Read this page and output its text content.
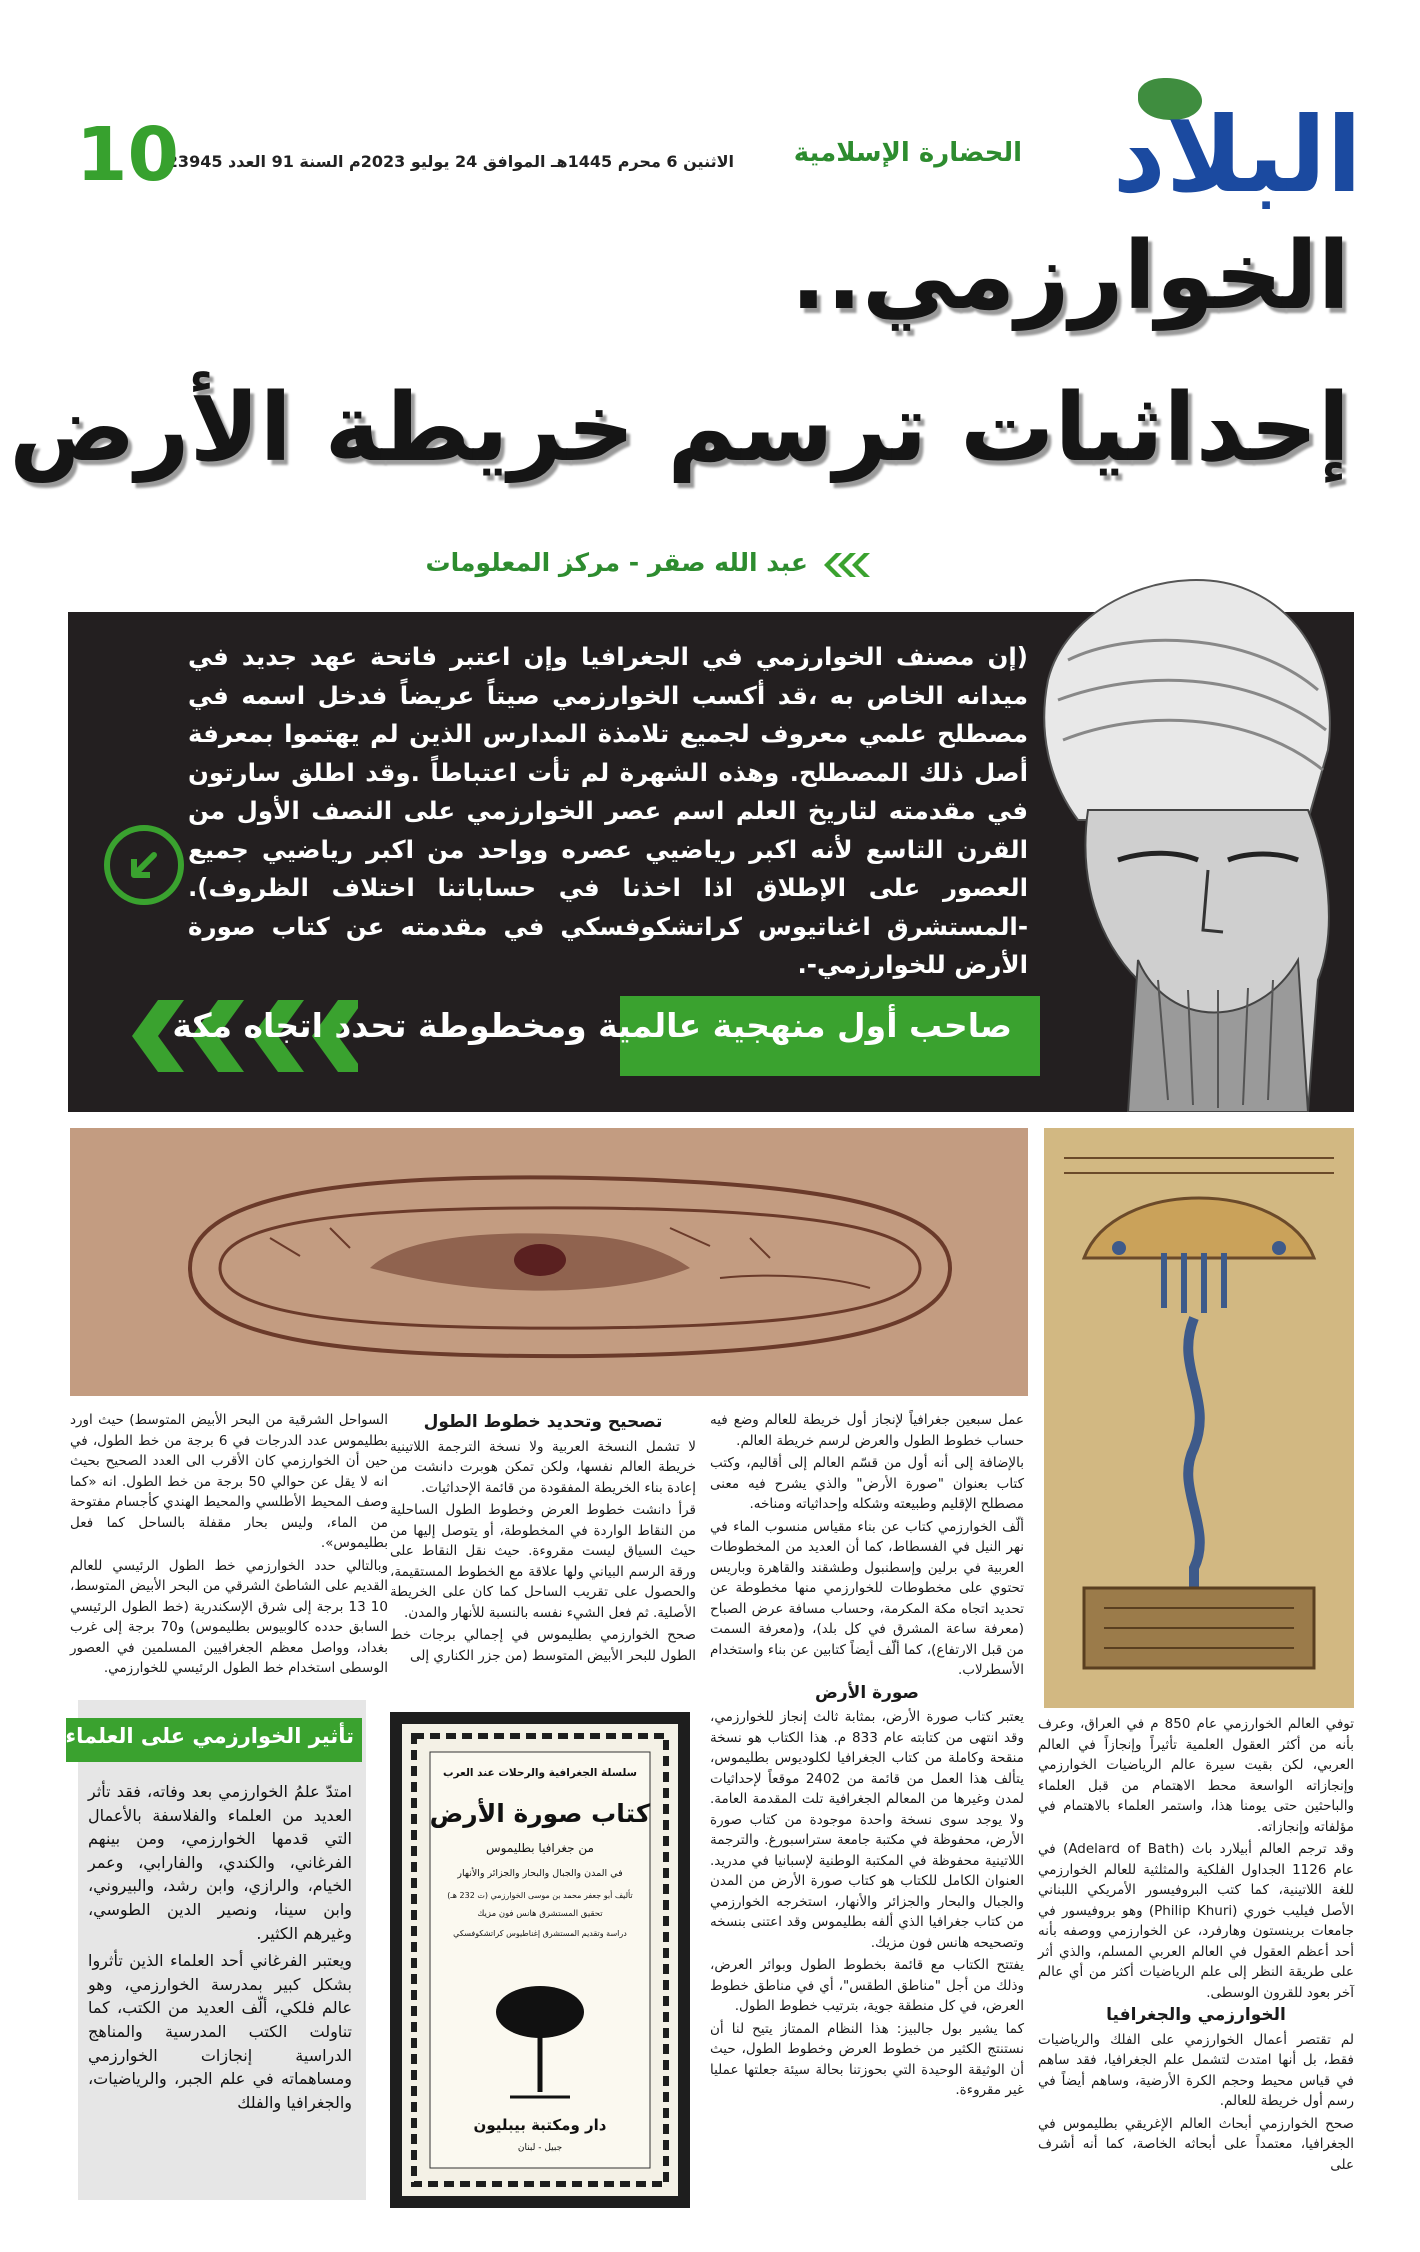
البلاد
الحضارة الإسلامية
الاثنين 6 محرم 1445هـ الموافق 24 يوليو 2023م السنة 91 العدد 23945
10
الخوارزمي..
إحداثيات ترسم خريطة الأرض
عبد الله صقر - مركز المعلومات
(إن مصنف الخوارزمي في الجغرافيا وإن اعتبر فاتحة عهد جديد في ميدانه الخاص به ،قد أكسب الخوارزمي صيتاً عريضاً فدخل اسمه في مصطلح علمي معروف لجميع تلامذة المدارس الذين لم يهتموا بمعرفة أصل ذلك المصطلح. وهذه الشهرة لم تأت اعتباطاً .وقد اطلق سارتون في مقدمته لتاريخ العلم اسم عصر الخوارزمي على النصف الأول من القرن التاسع لأنه اكبر رياضيي عصره وواحد من اكبر رياضيي جميع العصور على الإطلاق اذا اخذنا في حساباتنا اختلاف الظروف). -المستشرق اغناتيوس كراتشكوفسكي في مقدمته عن كتاب صورة الأرض للخوارزمي-.
صاحب أول منهجية عالمية ومخطوطة تحدد اتجاه مكة

توفي العالم الخوارزمي عام 850 م في العراق، وعرف بأنه من أكثر العقول العلمية تأثيراً وإنجازاً في العالم العربي، لكن بقيت سيرة عالم الرياضيات الخوارزمي وإنجازاته الواسعة محط الاهتمام من قبل العلماء والباحثين حتى يومنا هذا، واستمر العلماء بالاهتمام في مؤلفاته وإنجازاته.

وقد ترجم العالم أبيلارد باث (Adelard of Bath) في عام 1126 الجداول الفلكية والمثلثية للعالم الخوارزمي للغة اللاتينية، كما كتب البروفيسور الأمريكي اللبناني الأصل فيليب خوري (Philip Khuri) وهو بروفيسور في جامعات برينستون وهارفرد، عن الخوارزمي ووصفه بأنه أحد أعظم العقول في العالم العربي المسلم، والذي أثر على طريقة النظر إلى علم الرياضيات أكثر من أي عالم آخر بعود للقرون الوسطى.

الخوارزمي والجغرافيا

لم تقتصر أعمال الخوارزمي على الفلك والرياضيات فقط، بل أنها امتدت لتشمل علم الجغرافيا، فقد ساهم في قياس محيط وحجم الكرة الأرضية، وساهم أيضاً في رسم أول خريطة للعالم.

صحح الخوارزمي أبحاث العالم الإغريقي بطليموس في الجغرافيا، معتمداً على أبحاثه الخاصة، كما أنه أشرف على

عمل سبعين جغرافياً لإنجاز أول خريطة للعالم وضع فيه حساب خطوط الطول والعرض لرسم خريطة العالم.

بالإضافة إلى أنه أول من قسّم العالم إلى أقاليم، وكتب كتاب بعنوان "صورة الأرض" والذي يشرح فيه معنى مصطلح الإقليم وطبيعته وشكله وإحداثياته ومناخه.

ألّف الخوارزمي كتاب عن بناء مقياس منسوب الماء في نهر النيل في الفسطاط، كما أن العديد من المخطوطات العربية في برلين وإسطنبول وطشقند والقاهرة وباريس تحتوي على مخطوطات للخوارزمي منها مخطوطة عن تحديد اتجاه مكة المكرمة، وحساب مسافة عرض الصباح (معرفة ساعة المشرق في كل بلد)، و(معرفة السمت من قبل الارتفاع)، كما ألّف أيضاً كتابين عن بناء واستخدام الأسطرلاب.

صورة الأرض

يعتبر كتاب صورة الأرض، بمثابة ثالث إنجاز للخوارزمي، وقد انتهى من كتابته عام 833 م. هذا الكتاب هو نسخة منقحة وكاملة من كتاب الجغرافيا لكلوديوس بطليموس، يتألف هذا العمل من قائمة من 2402 موقعاً لإحداثيات لمدن وغيرها من المعالم الجغرافية تلت المقدمة العامة. ولا يوجد سوى نسخة واحدة موجودة من كتاب صورة الأرض، محفوظة في مكتبة جامعة ستراسبورغ. والترجمة اللاتينية محفوظة في المكتبة الوطنية لإسبانيا في مدريد. العنوان الكامل للكتاب هو كتاب صورة الأرض من المدن والجبال والبحار والجزائر والأنهار، استخرجه الخوارزمي من كتاب جغرافيا الذي ألفه بطليموس وقد اعتنى بنسخه وتصحيحه هانس فون مزيك.

يفتتح الكتاب مع قائمة بخطوط الطول وبوائر العرض، وذلك من أجل "مناطق الطقس"، أي في مناطق خطوط العرض، في كل منطقة جوية، بترتيب خطوط الطول.

كما يشير بول جالبيز: هذا النظام الممتاز يتيح لنا أن نستنتج الكثير من خطوط العرض وخطوط الطول، حيث أن الوثيقة الوحيدة التي بحوزتنا بحالة سيئة جعلتها عمليا غير مقروءة.

تصحيح وتحديد خطوط الطول

لا تشمل النسخة العربية ولا نسخة الترجمة اللاتينية خريطة العالم نفسها، ولكن تمكن هوبرت دانشت من إعادة بناء الخريطة المفقودة من قائمة الإحداثيات.

قرأ دانشت خطوط العرض وخطوط الطول الساحلية من النقاط الواردة في المخطوطة، أو يتوصل إليها من حيث السياق ليست مقروءة. حيث نقل النقاط على ورقة الرسم البياني ولها علاقة مع الخطوط المستقيمة، والحصول على تقريب الساحل كما كان على الخريطة الأصلية. ثم فعل الشيء نفسه بالنسبة للأنهار والمدن.

صحح الخوارزمي بطليموس في إجمالي برجات خط الطول للبحر الأبيض المتوسط (من جزر الكناري إلى

السواحل الشرقية من البحر الأبيض المتوسط) حيث اورد بطليموس عدد الدرجات في 6 برجة من خط الطول، في حين أن الخوارزمي كان الأقرب الى العدد الصحيح بحيث انه لا يقل عن حوالي 50 برجة من خط الطول. انه «كما وصف المحيط الأطلسي والمحيط الهندي كأجسام مفتوحة من الماء، وليس بحار مقفلة بالساحل كما فعل بطليموس».

وبالتالي حدد الخوارزمي خط الطول الرئيسي للعالم القديم على الشاطئ الشرقي من البحر الأبيض المتوسط، 10 13 برجة إلى شرق الإسكندرية (خط الطول الرئيسي السابق حدده كالوبيوس بطليموس) و70 برجة إلى غرب بغداد، وواصل معظم الجغرافيين المسلمين في العصور الوسطى استخدام خط الطول الرئيسي للخوارزمي.

سلسلة الجغرافية والرحلات عند العرب
كتاب صورة الأرض
من جغرافيا بطليموس
في المدن والجبال والبحار والجزائر والأنهار
تأليف أبو جعفر محمد بن موسى الخوارزمي (ت 232 هـ)
تحقيق المستشرق هانس فون مزيك
دراسة وتقديم المستشرق إغناطيوس كراتشكوفسكي
دار ومكتبة بيبليون
جبيل - لبنان
تأثير الخوارزمي على العلماء

امتدّ علمُ الخوارزمي بعد وفاته، فقد تأثر العديد من العلماء والفلاسفة بالأعمال التي قدمها الخوارزمي، ومن بينهم الفرغاني، والكندي، والفارابي، وعمر الخيام، والرازي، وابن رشد، والبيروني، وابن سينا، ونصير الدين الطوسي، وغيرهم الكثير.

ويعتبر الفرغاني أحد العلماء الذين تأثروا بشكل كبير بمدرسة الخوارزمي، وهو عالم فلكي، ألّف العديد من الكتب، كما تناولت الكتب المدرسية والمناهج الدراسية إنجازات الخوارزمي ومساهماته في علم الجبر، والرياضيات، والجغرافيا والفلك
